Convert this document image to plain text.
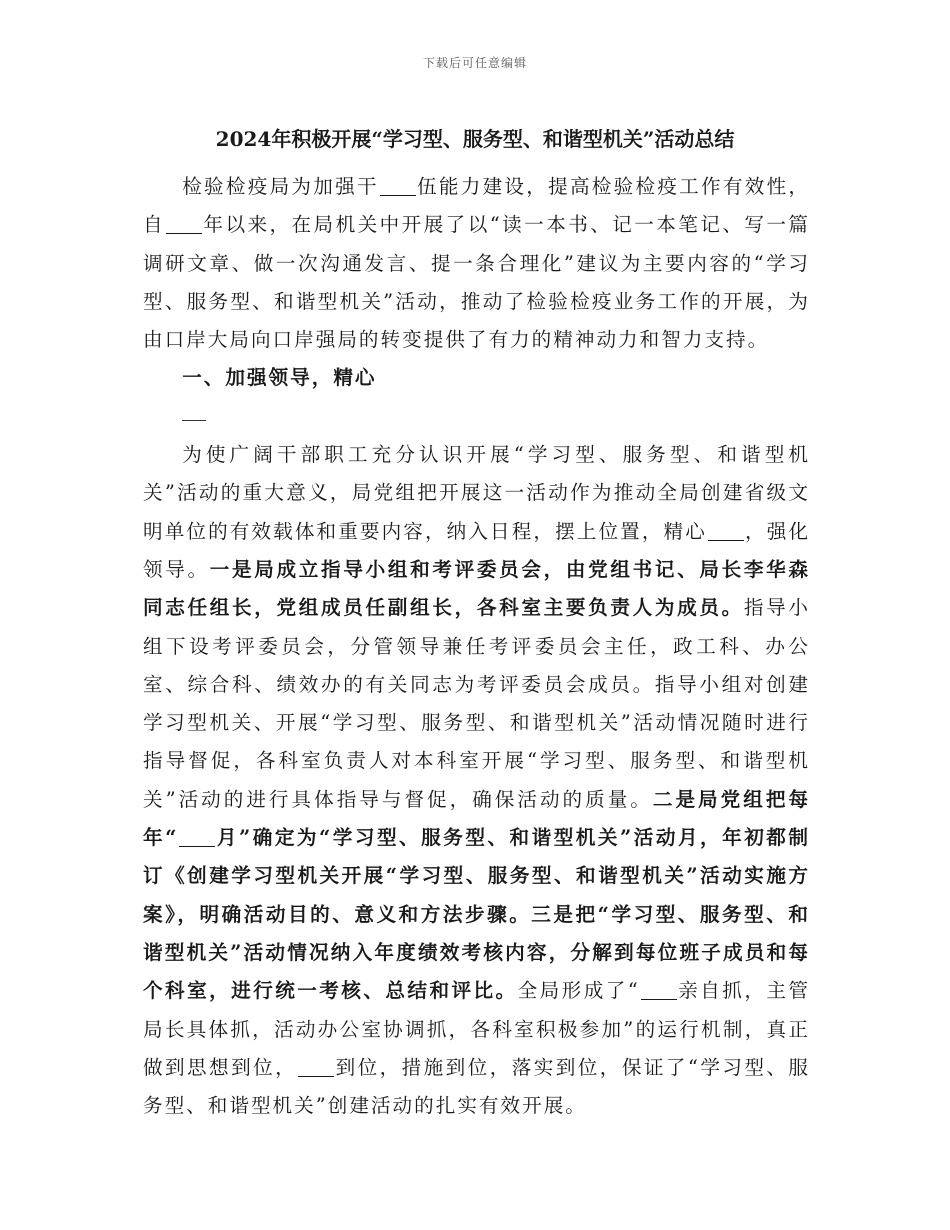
下载后可任意编辑
2024年积极开展“学习型、服务型、和谐型机关”活动总结

检验检疫局为加强干 伍能力建设，提高检验检疫工作有效性，自 年以来，在局机关中开展了以“读一本书、记一本笔记、写一篇调研文章、做一次沟通发言、提一条合理化”建议为主要内容的“学习型、服务型、和谐型机关”活动，推动了检验检疫业务工作的开展，为由口岸大局向口岸强局的转变提供了有力的精神动力和智力支持。

一、加强领导，精心

为使广阔干部职工充分认识开展“学习型、服务型、和谐型机关”活动的重大意义，局党组把开展这一活动作为推动全局创建省级文明单位的有效载体和重要内容，纳入日程，摆上位置，精心 ，强化领导。一是局成立指导小组和考评委员会，由党组书记、局长李华森同志任组长，党组成员任副组长，各科室主要负责人为成员。指导小组下设考评委员会，分管领导兼任考评委员会主任，政工科、办公室、综合科、绩效办的有关同志为考评委员会成员。指导小组对创建学习型机关、开展“学习型、服务型、和谐型机关”活动情况随时进行指导督促，各科室负责人对本科室开展“学习型、服务型、和谐型机关”活动的进行具体指导与督促，确保活动的质量。二是局党组把每年“ 月”确定为“学习型、服务型、和谐型机关”活动月，年初都制订《创建学习型机关开展“学习型、服务型、和谐型机关”活动实施方案》，明确活动目的、意义和方法步骤。三是把“学习型、服务型、和谐型机关”活动情况纳入年度绩效考核内容，分解到每位班子成员和每个科室，进行统一考核、总结和评比。全局形成了“ 亲自抓，主管局长具体抓，活动办公室协调抓，各科室积极参加”的运行机制，真正做到思想到位， 到位，措施到位，落实到位，保证了“学习型、服务型、和谐型机关”创建活动的扎实有效开展。
